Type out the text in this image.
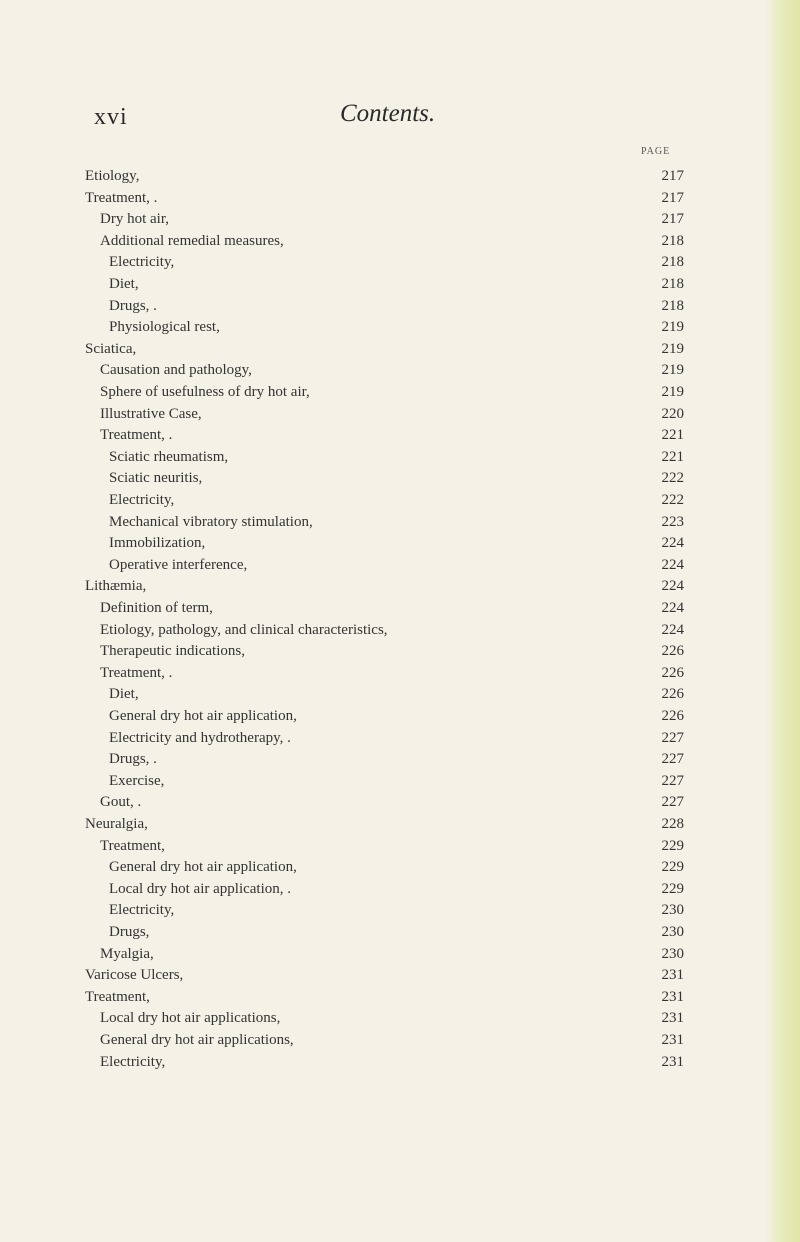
xvi	Contents.
PAGE
Etiology,	217
Treatment, .	217
Dry hot air,	217
Additional remedial measures,	218
Electricity,	218
Diet,	218
Drugs, .	218
Physiological rest,	219
Sciatica,	219
Causation and pathology,	219
Sphere of usefulness of dry hot air,	219
Illustrative Case,	220
Treatment, .	221
Sciatic rheumatism,	221
Sciatic neuritis,	222
Electricity,	222
Mechanical vibratory stimulation,	223
Immobilization,	224
Operative interference,	224
Lithæmia,	224
Definition of term,	224
Etiology, pathology, and clinical characteristics,	224
Therapeutic indications,	226
Treatment, .	226
Diet,	226
General dry hot air application,	226
Electricity and hydrotherapy, .	227
Drugs, .	227
Exercise,	227
Gout, .	227
Neuralgia,	228
Treatment,	229
General dry hot air application,	229
Local dry hot air application, .	229
Electricity,	230
Drugs,	230
Myalgia,	230
Varicose Ulcers,	231
Treatment,	231
Local dry hot air applications,	231
General dry hot air applications,	231
Electricity,	231
